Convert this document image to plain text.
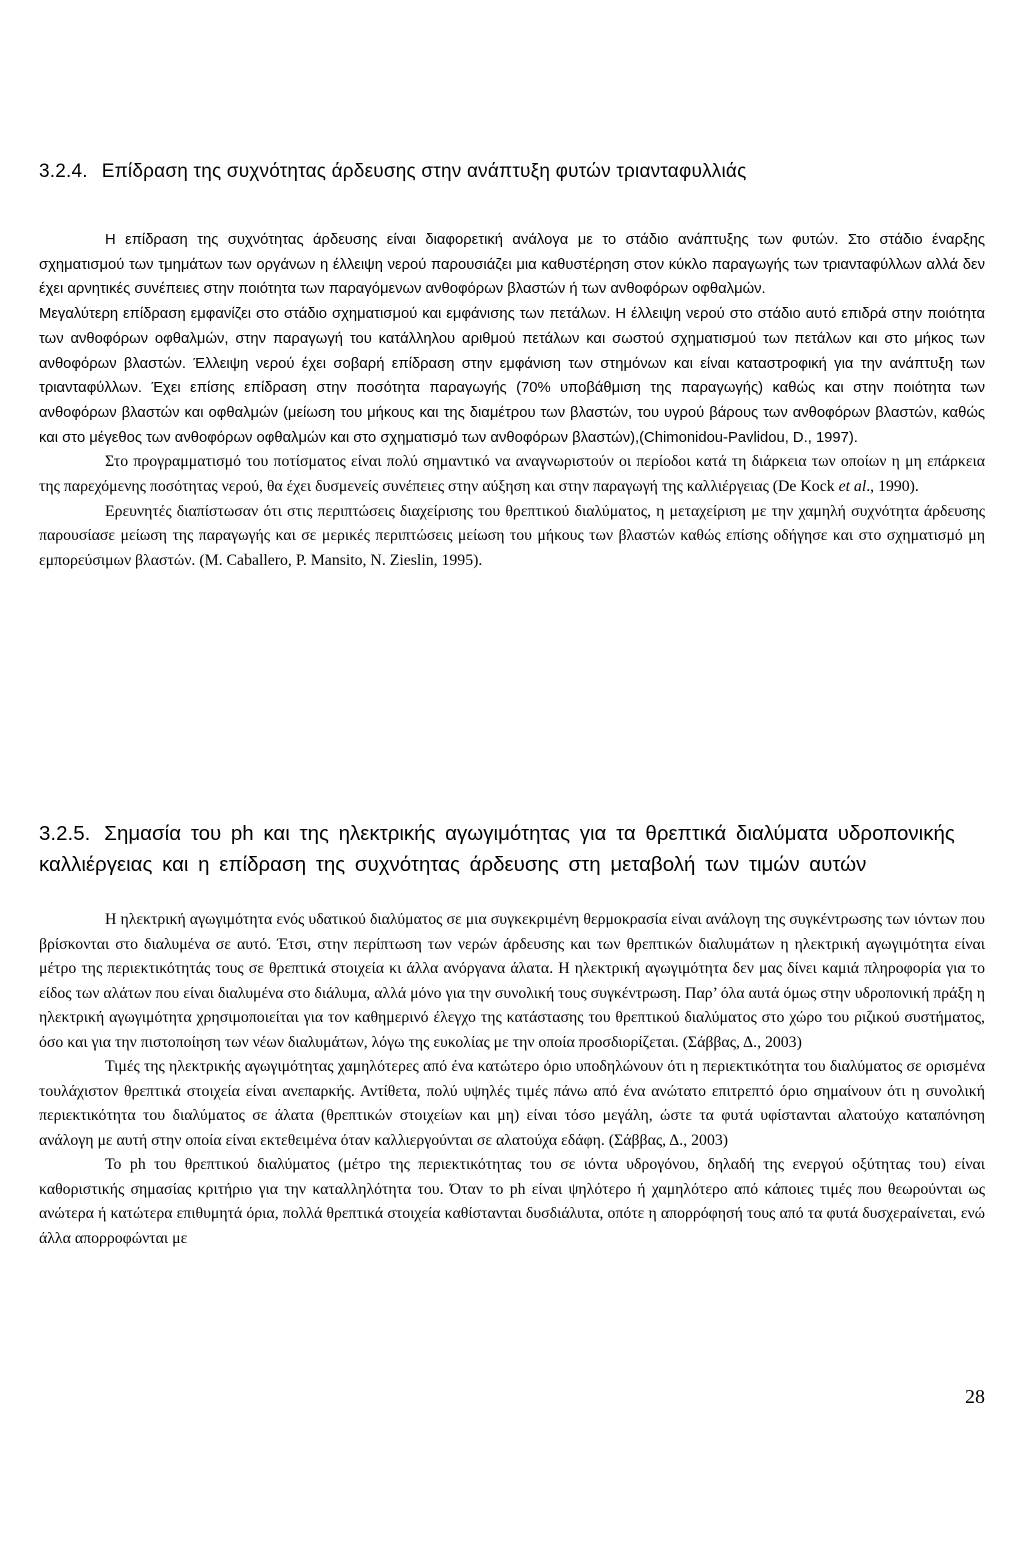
3.2.4. Επίδραση της συχνότητας άρδευσης στην ανάπτυξη φυτών τριανταφυλλιάς

Η επίδραση της συχνότητας άρδευσης είναι διαφορετική ανάλογα με το στάδιο ανάπτυξης των φυτών. Στο στάδιο έναρξης σχηματισμού των τμημάτων των οργάνων η έλλειψη νερού παρουσιάζει μια καθυστέρηση στον κύκλο παραγωγής των τριανταφύλλων αλλά δεν έχει αρνητικές συνέπειες στην ποιότητα των παραγόμενων ανθοφόρων βλαστών ή των ανθοφόρων οφθαλμών.

Μεγαλύτερη επίδραση εμφανίζει στο στάδιο σχηματισμού και εμφάνισης των πετάλων. Η έλλειψη νερού στο στάδιο αυτό επιδρά στην ποιότητα των ανθοφόρων οφθαλμών, στην παραγωγή του κατάλληλου αριθμού πετάλων και σωστού σχηματισμού των πετάλων και στο μήκος των ανθοφόρων βλαστών. Έλλειψη νερού έχει σοβαρή επίδραση στην εμφάνιση των στημόνων και είναι καταστροφική για την ανάπτυξη των τριανταφύλλων. Έχει επίσης επίδραση στην ποσότητα παραγωγής (70% υποβάθμιση της παραγωγής) καθώς και στην ποιότητα των ανθοφόρων βλαστών και οφθαλμών (μείωση του μήκους και της διαμέτρου των βλαστών, του υγρού βάρους των ανθοφόρων βλαστών, καθώς και στο μέγεθος των ανθοφόρων οφθαλμών και στο σχηματισμό των ανθοφόρων βλαστών),(Chimonidou-Pavlidou, D., 1997).

Στο προγραμματισμό του ποτίσματος είναι πολύ σημαντικό να αναγνωριστούν οι περίοδοι κατά τη διάρκεια των οποίων η μη επάρκεια της παρεχόμενης ποσότητας νερού, θα έχει δυσμενείς συνέπειες στην αύξηση και στην παραγωγή της καλλιέργειας (De Kock et al., 1990).

Ερευνητές διαπίστωσαν ότι στις περιπτώσεις διαχείρισης του θρεπτικού διαλύματος, η μεταχείριση με την χαμηλή συχνότητα άρδευσης παρουσίασε μείωση της παραγωγής και σε μερικές περιπτώσεις μείωση του μήκους των βλαστών καθώς επίσης οδήγησε και στο σχηματισμό μη εμπορεύσιμων βλαστών. (M. Caballero, P. Mansito, N. Zieslin, 1995).

3.2.5. Σημασία του ph και της ηλεκτρικής αγωγιμότητας για τα θρεπτικά διαλύματα υδροπονικής καλλιέργειας και η επίδραση της συχνότητας άρδευσης στη μεταβολή των τιμών αυτών

Η ηλεκτρική αγωγιμότητα ενός υδατικού διαλύματος σε μια συγκεκριμένη θερμοκρασία είναι ανάλογη της συγκέντρωσης των ιόντων που βρίσκονται στο διαλυμένα σε αυτό. Έτσι, στην περίπτωση των νερών άρδευσης και των θρεπτικών διαλυμάτων η ηλεκτρική αγωγιμότητα είναι μέτρο της περιεκτικότητάς τους σε θρεπτικά στοιχεία κι άλλα ανόργανα άλατα. Η ηλεκτρική αγωγιμότητα δεν μας δίνει καμιά πληροφορία για το είδος των αλάτων που είναι διαλυμένα στο διάλυμα, αλλά μόνο για την συνολική τους συγκέντρωση. Παρ’ όλα αυτά όμως στην υδροπονική πράξη η ηλεκτρική αγωγιμότητα χρησιμοποιείται για τον καθημερινό έλεγχο της κατάστασης του θρεπτικού διαλύματος στο χώρο του ριζικού συστήματος, όσο και για την πιστοποίηση των νέων διαλυμάτων, λόγω της ευκολίας με την οποία προσδιορίζεται. (Σάββας, Δ., 2003)

Τιμές της ηλεκτρικής αγωγιμότητας χαμηλότερες από ένα κατώτερο όριο υποδηλώνουν ότι η περιεκτικότητα του διαλύματος σε ορισμένα τουλάχιστον θρεπτικά στοιχεία είναι ανεπαρκής. Αντίθετα, πολύ υψηλές τιμές πάνω από ένα ανώτατο επιτρεπτό όριο σημαίνουν ότι η συνολική περιεκτικότητα του διαλύματος σε άλατα (θρεπτικών στοιχείων και μη) είναι τόσο μεγάλη, ώστε τα φυτά υφίστανται αλατούχο καταπόνηση ανάλογη με αυτή στην οποία είναι εκτεθειμένα όταν καλλιεργούνται σε αλατούχα εδάφη. (Σάββας, Δ., 2003)

Το ph του θρεπτικού διαλύματος (μέτρο της περιεκτικότητας του σε ιόντα υδρογόνου, δηλαδή της ενεργού οξύτητας του) είναι καθοριστικής σημασίας κριτήριο για την καταλληλότητα του. Όταν το ph είναι ψηλότερο ή χαμηλότερο από κάποιες τιμές που θεωρούνται ως ανώτερα ή κατώτερα επιθυμητά όρια, πολλά θρεπτικά στοιχεία καθίστανται δυσδιάλυτα, οπότε η απορρόφησή τους από τα φυτά δυσχεραίνεται, ενώ άλλα απορροφώνται με

28
